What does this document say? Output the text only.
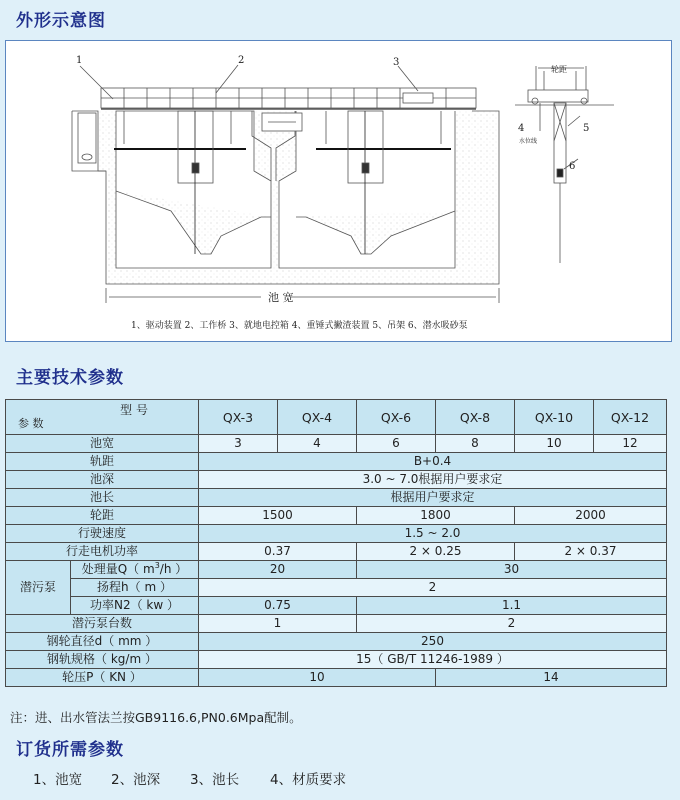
外形示意图
1	2	3
4	5
6
池 宽
轮距
水位线
1、驱动装置 2、工作桥 3、就地电控箱 4、重锤式撇渣装置 5、吊架 6、潜水吸砂泵
主要技术参数
型 号
参 数		QX-3	QX-4	QX-6	QX-8	QX-10	QX-12
池宽		3	4	6	8	10	12
轨距		B+0.4					
池深		3.0 ~ 7.0根据用户要求定					
池长		根据用户要求定					
轮距		1500		1800		2000	
行驶速度		1.5 ~ 2.0					
行走电机功率		0.37		2 × 0.25		2 × 0.37	
潜污泵	处理量Q（ $m^3/h$ ）	20		30			
	扬程h（ m ）	2					
	功率N2（ kw ）	0.75		1.1			
潜污泵台数		1		2			
钢轮直径d（ mm ）		250					
钢轨规格（ kg/m ）		15（ GB/T 11246-1989 ）					
轮压P（ KN ）		10			14		
注：进、出水管法兰按GB9116.6,PN0.6Mpa配制。
订货所需参数
1、池宽 2、池深 3、池长 4、材质要求
